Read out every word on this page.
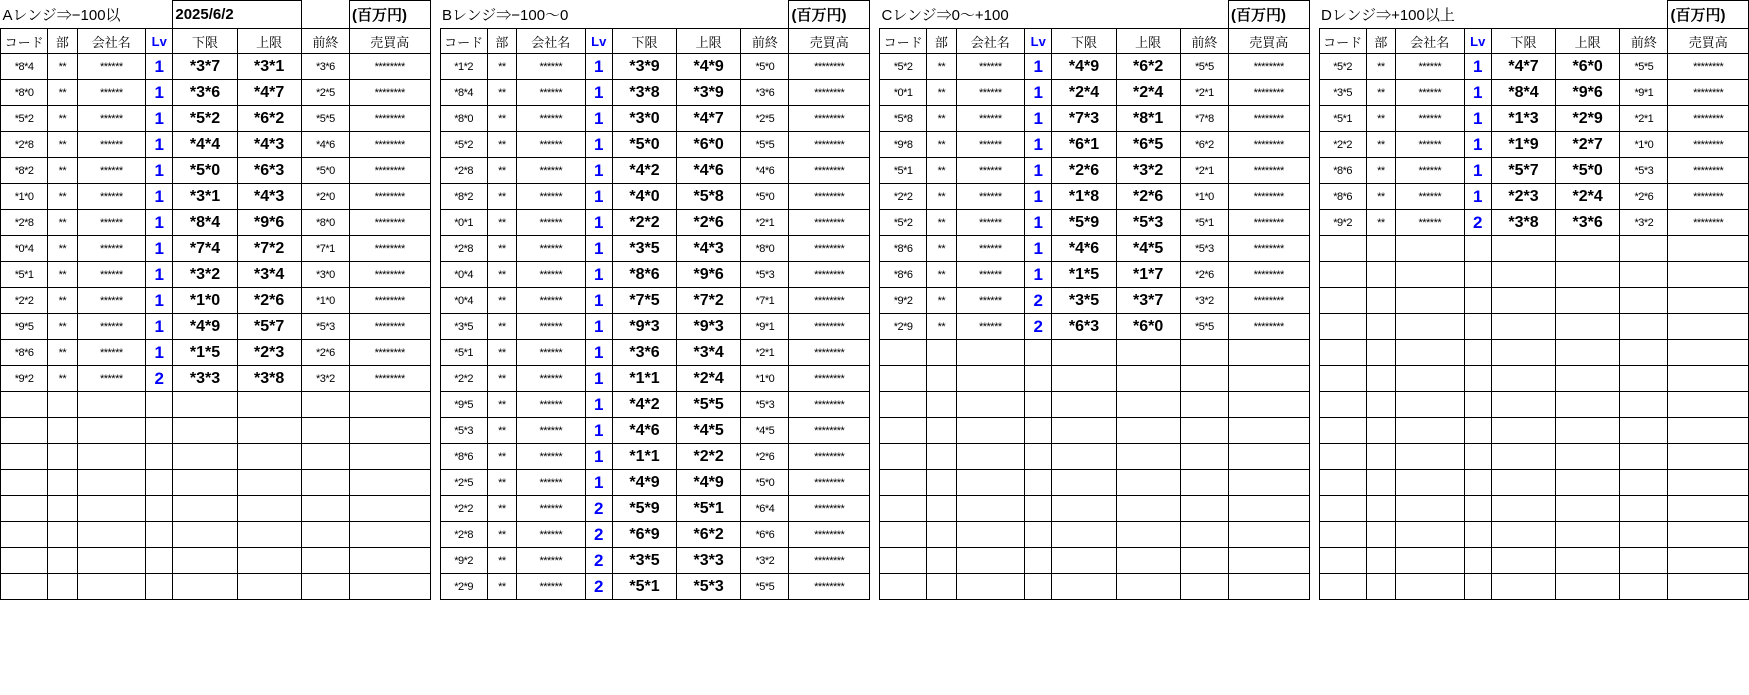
Aレンジ⇒−100以				2025/6/2			(百万円)
コード	部	会社名	Lv	下限	上限	前終	売買高
*8*4	**	******	1	*3*7	*3*1	*3*6	********
*8*0	**	******	1	*3*6	*4*7	*2*5	********
*5*2	**	******	1	*5*2	*6*2	*5*5	********
*2*8	**	******	1	*4*4	*4*3	*4*6	********
*8*2	**	******	1	*5*0	*6*3	*5*0	********
*1*0	**	******	1	*3*1	*4*3	*2*0	********
*2*8	**	******	1	*8*4	*9*6	*8*0	********
*0*4	**	******	1	*7*4	*7*2	*7*1	********
*5*1	**	******	1	*3*2	*3*4	*3*0	********
*2*2	**	******	1	*1*0	*2*6	*1*0	********
*9*5	**	******	1	*4*9	*5*7	*5*3	********
*8*6	**	******	1	*1*5	*2*3	*2*6	********
*9*2	**	******	2	*3*3	*3*8	*3*2	********

Bレンジ⇒−100〜0							(百万円)
コード	部	会社名	Lv	下限	上限	前終	売買高
*1*2	**	******	1	*3*9	*4*9	*5*0	********
*8*4	**	******	1	*3*8	*3*9	*3*6	********
*8*0	**	******	1	*3*0	*4*7	*2*5	********
*5*2	**	******	1	*5*0	*6*0	*5*5	********
*2*8	**	******	1	*4*2	*4*6	*4*6	********
*8*2	**	******	1	*4*0	*5*8	*5*0	********
*0*1	**	******	1	*2*2	*2*6	*2*1	********
*2*8	**	******	1	*3*5	*4*3	*8*0	********
*0*4	**	******	1	*8*6	*9*6	*5*3	********
*0*4	**	******	1	*7*5	*7*2	*7*1	********
*3*5	**	******	1	*9*3	*9*3	*9*1	********
*5*1	**	******	1	*3*6	*3*4	*2*1	********
*2*2	**	******	1	*1*1	*2*4	*1*0	********
*9*5	**	******	1	*4*2	*5*5	*5*3	********
*5*3	**	******	1	*4*6	*4*5	*4*5	********
*8*6	**	******	1	*1*1	*2*2	*2*6	********
*2*5	**	******	1	*4*9	*4*9	*5*0	********
*2*2	**	******	2	*5*9	*5*1	*6*4	********
*2*8	**	******	2	*6*9	*6*2	*6*6	********
*9*2	**	******	2	*3*5	*3*3	*3*2	********
*2*9	**	******	2	*5*1	*5*3	*5*5	********
Cレンジ⇒0〜+100							(百万円)
コード	部	会社名	Lv	下限	上限	前終	売買高
*5*2	**	******	1	*4*9	*6*2	*5*5	********
*0*1	**	******	1	*2*4	*2*4	*2*1	********
*5*8	**	******	1	*7*3	*8*1	*7*8	********
*9*8	**	******	1	*6*1	*6*5	*6*2	********
*5*1	**	******	1	*2*6	*3*2	*2*1	********
*2*2	**	******	1	*1*8	*2*6	*1*0	********
*5*2	**	******	1	*5*9	*5*3	*5*1	********
*8*6	**	******	1	*4*6	*4*5	*5*3	********
*8*6	**	******	1	*1*5	*1*7	*2*6	********
*9*2	**	******	2	*3*5	*3*7	*3*2	********
*2*9	**	******	2	*6*3	*6*0	*5*5	********

Dレンジ⇒+100以上							(百万円)
コード	部	会社名	Lv	下限	上限	前終	売買高
*5*2	**	******	1	*4*7	*6*0	*5*5	********
*3*5	**	******	1	*8*4	*9*6	*9*1	********
*5*1	**	******	1	*1*3	*2*9	*2*1	********
*2*2	**	******	1	*1*9	*2*7	*1*0	********
*8*6	**	******	1	*5*7	*5*0	*5*3	********
*8*6	**	******	1	*2*3	*2*4	*2*6	********
*9*2	**	******	2	*3*8	*3*6	*3*2	********
